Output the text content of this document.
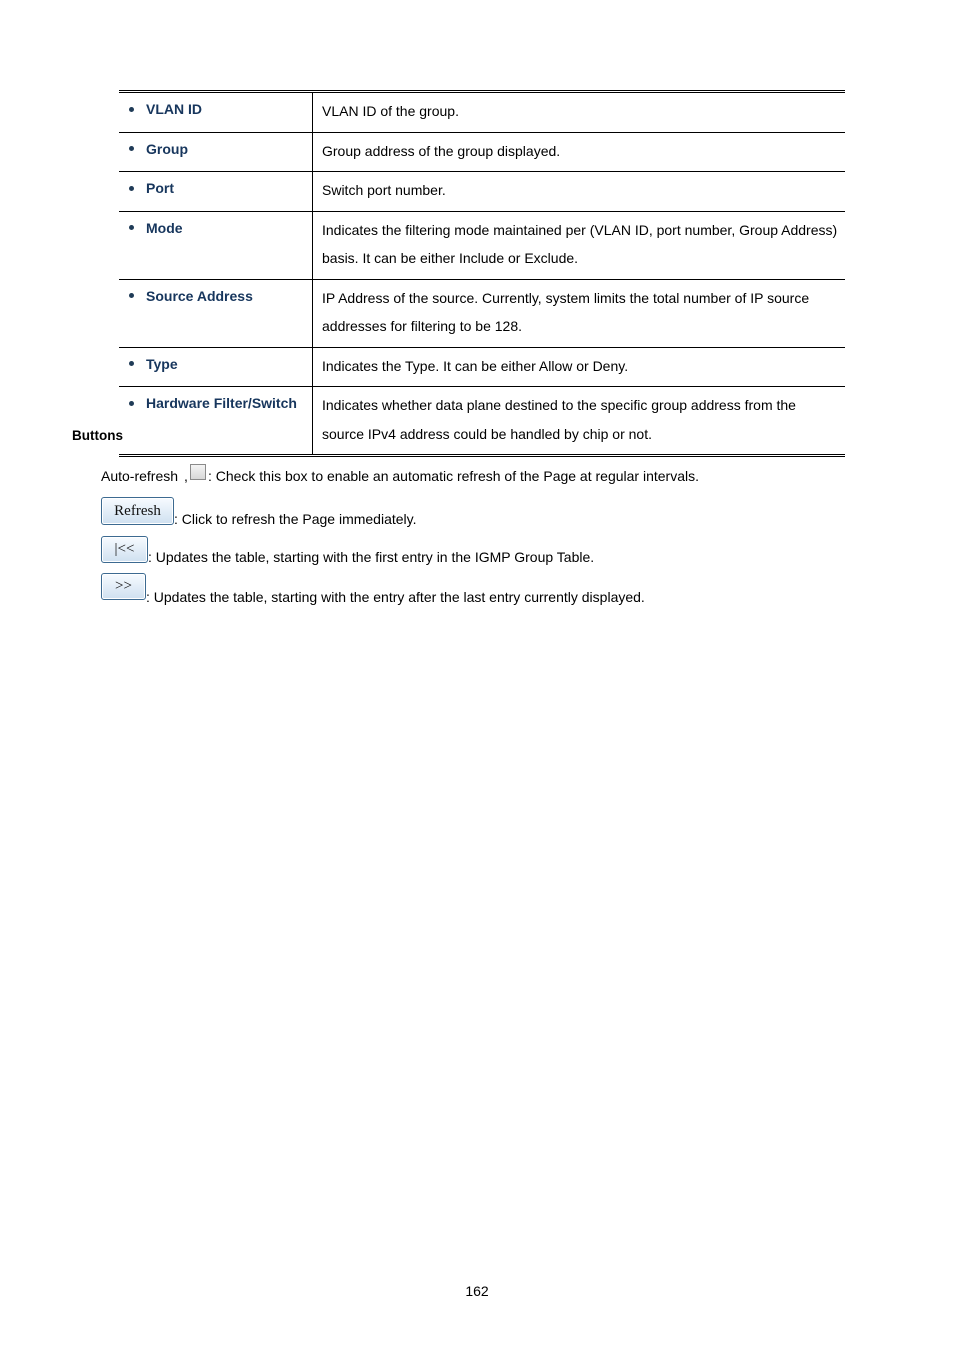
VLAN ID	VLAN ID of the group.

Group	Group address of the group displayed.

Port	Switch port number.

Mode	Indicates the filtering mode maintained per (VLAN ID, port number, Group Address) basis. It can be either Include or Exclude.

Source Address	IP Address of the source. Currently, system limits the total number of IP source addresses for filtering to be 128.

Type	Indicates the Type. It can be either Allow or Deny.

Hardware Filter/Switch	Indicates whether data plane destined to the specific group address from the source IPv4 address could be handled by chip or not.
Buttons
Auto-refresh , : Check this box to enable an automatic refresh of the Page at regular intervals.
Refresh
: Click to refresh the Page immediately.
|<< : Updates the table, starting with the first entry in the IGMP Group Table.
>>
: Updates the table, starting with the entry after the last entry currently displayed.
162
